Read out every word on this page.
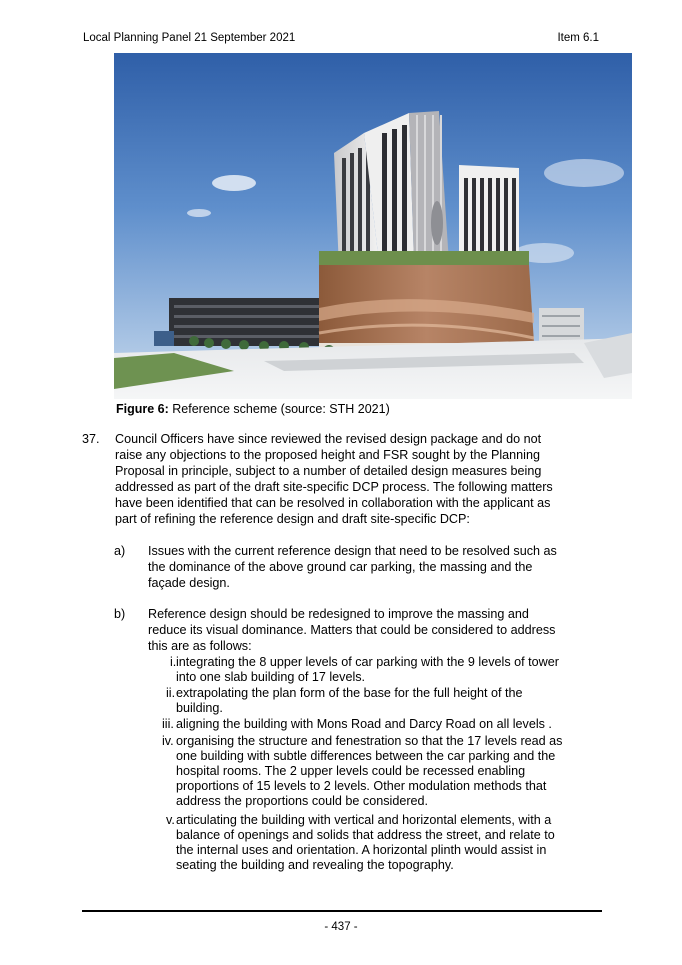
Local Planning Panel 21 September 2021	Item 6.1
Figure 6: Reference scheme (source: STH 2021)
37. Council Officers have since reviewed the revised design package and do not
raise any objections to the proposed height and FSR sought by the Planning
Proposal in principle, subject to a number of detailed design measures being
addressed as part of the draft site-specific DCP process. The following matters
have been identified that can be resolved in collaboration with the applicant as
part of refining the reference design and draft site-specific DCP:
a) Issues with the current reference design that need to be resolved such as
the dominance of the above ground car parking, the massing and the
façade design.
b) Reference design should be redesigned to improve the massing and
reduce its visual dominance. Matters that could be considered to address
this are as follows:
i. integrating the 8 upper levels of car parking with the 9 levels of tower
into one slab building of 17 levels.
ii. extrapolating the plan form of the base for the full height of the
building.
iii. aligning the building with Mons Road and Darcy Road on all levels .
iv. organising the structure and fenestration so that the 17 levels read as
one building with subtle differences between the car parking and the
hospital rooms. The 2 upper levels could be recessed enabling
proportions of 15 levels to 2 levels. Other modulation methods that
address the proportions could be considered.
v. articulating the building with vertical and horizontal elements, with a
balance of openings and solids that address the street, and relate to
the internal uses and orientation. A horizontal plinth would assist in
seating the building and revealing the topography.
- 437 -
